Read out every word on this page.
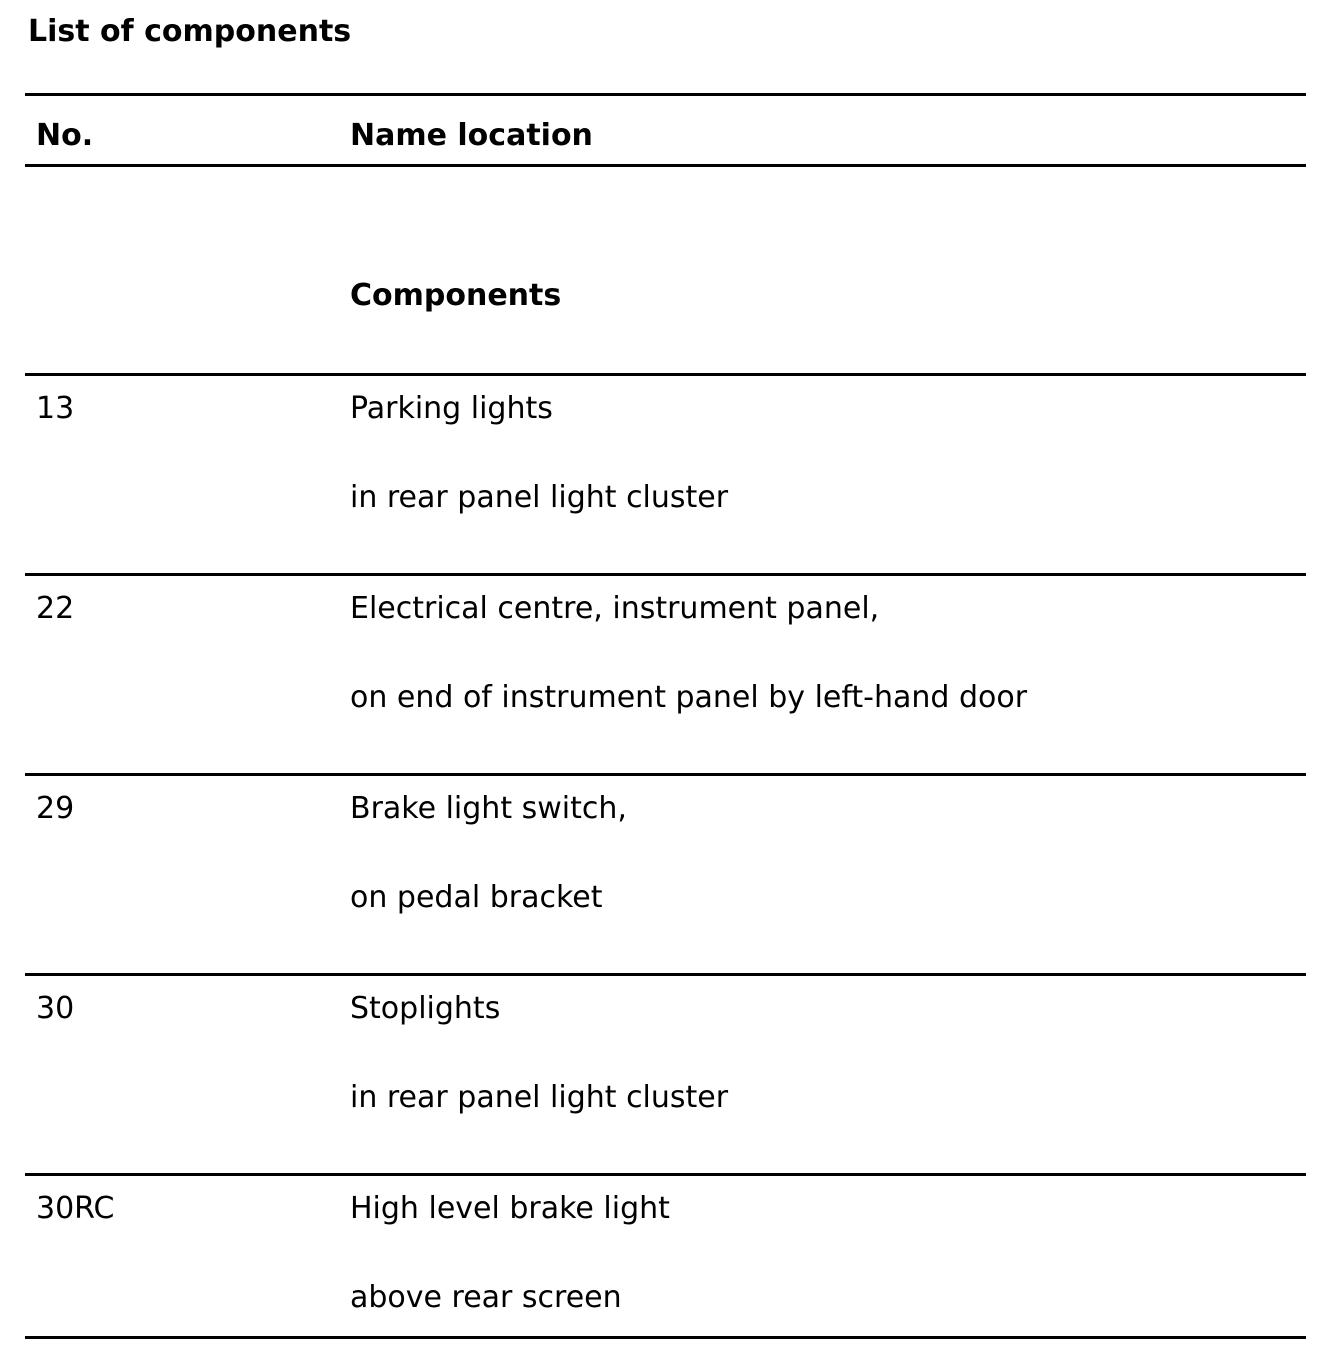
List of components
No.	Name location
Components
13	Parking lights
in rear panel light cluster
22	Electrical centre, instrument panel,
on end of instrument panel by left-hand door
29	Brake light switch,
on pedal bracket
30	Stoplights
in rear panel light cluster
30RC	High level brake light
above rear screen
